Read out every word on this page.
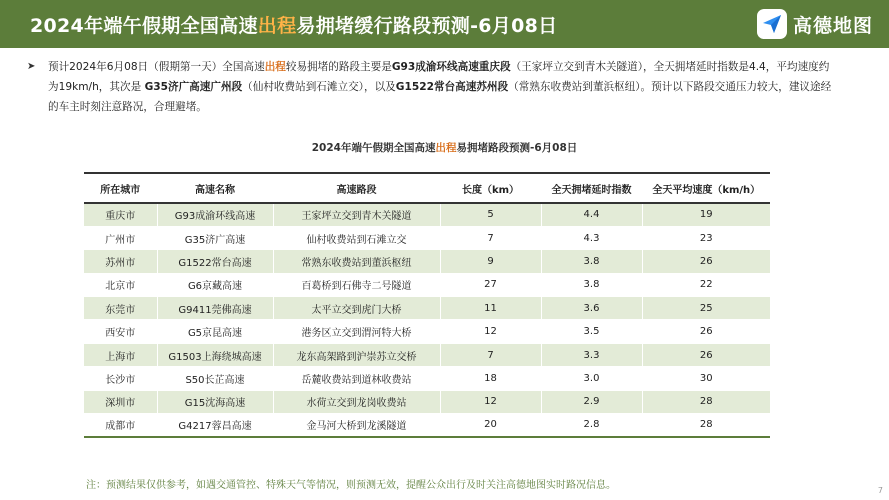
2024年端午假期全国高速出程易拥堵缓行路段预测-6月08日	高德地图
➤ 预计2024年6月08日（假期第一天）全国高速出程较易拥堵的路段主要是G93成渝环线高速重庆段（王家坪立交到青木关隧道），全天拥堵延时指数是4.4，平均速度约为19km/h，其次是 G35济广高速广州段（仙村收费站到石滩立交），以及G1522常台高速苏州段（常熟东收费站到董浜枢纽）。预计以下路段交通压力较大，建议途经的车主时刻注意路况，合理避堵。
2024年端午假期全国高速出程易拥堵路段预测-6月08日
所在城市	高速名称	高速路段	长度（km）	全天拥堵延时指数	全天平均速度（km/h）
重庆市	G93成渝环线高速	王家坪立交到青木关隧道	5	4.4	19
广州市	G35济广高速	仙村收费站到石滩立交	7	4.3	23
苏州市	G1522常台高速	常熟东收费站到董浜枢纽	9	3.8	26
北京市	G6京藏高速	百葛桥到石佛寺二号隧道	27	3.8	22
东莞市	G9411莞佛高速	太平立交到虎门大桥	11	3.6	25
西安市	G5京昆高速	港务区立交到渭河特大桥	12	3.5	26
上海市	G1503上海绕城高速	龙东高架路到沪崇苏立交桥	7	3.3	26
长沙市	S50长芷高速	岳麓收费站到道林收费站	18	3.0	30
深圳市	G15沈海高速	水荷立交到龙岗收费站	12	2.9	28
成都市	G4217蓉昌高速	金马河大桥到龙溪隧道	20	2.8	28
注：预测结果仅供参考，如遇交通管控、特殊天气等情况，则预测无效，提醒公众出行及时关注高德地图实时路况信息。	7
